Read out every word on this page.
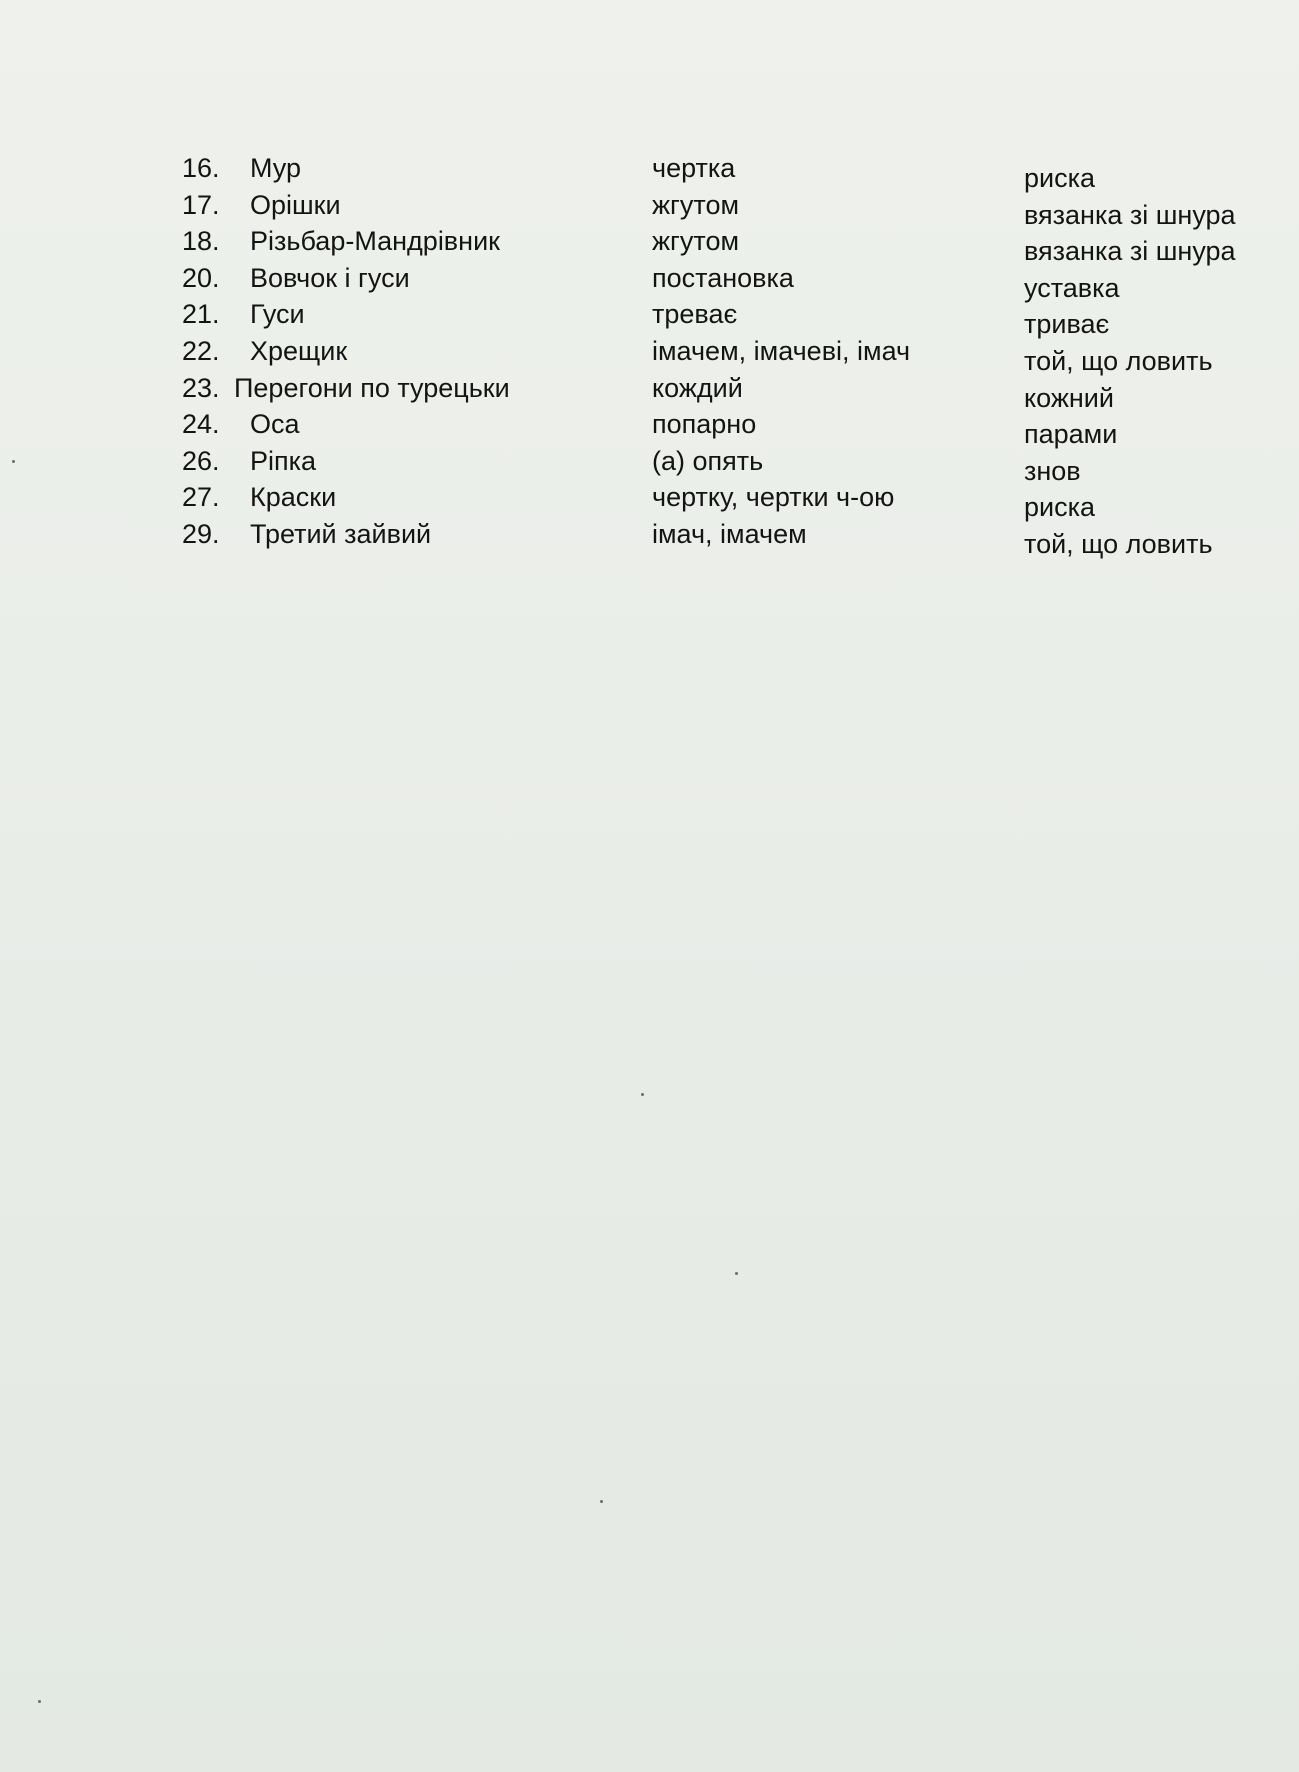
16. Мур	чертка	риска
17. Орішки	жгутом	вязанка зі шнура
18. Різьбар-Мандрівник	жгутом	вязанка зі шнура
20. Вовчок і гуси	постановка	уставка
21. Гуси	треває	триває
22. Хрещик	імачем, імачеві, імач	той, що ловить
23. Перегони по турецьки	кождий	кожний
24. Оса	попарно	парами
26. Ріпка	(а) опять	знов
27. Краски	чертку, чертки ч-ою	риска
29. Третий зайвий	імач, імачем	той, що ловить
